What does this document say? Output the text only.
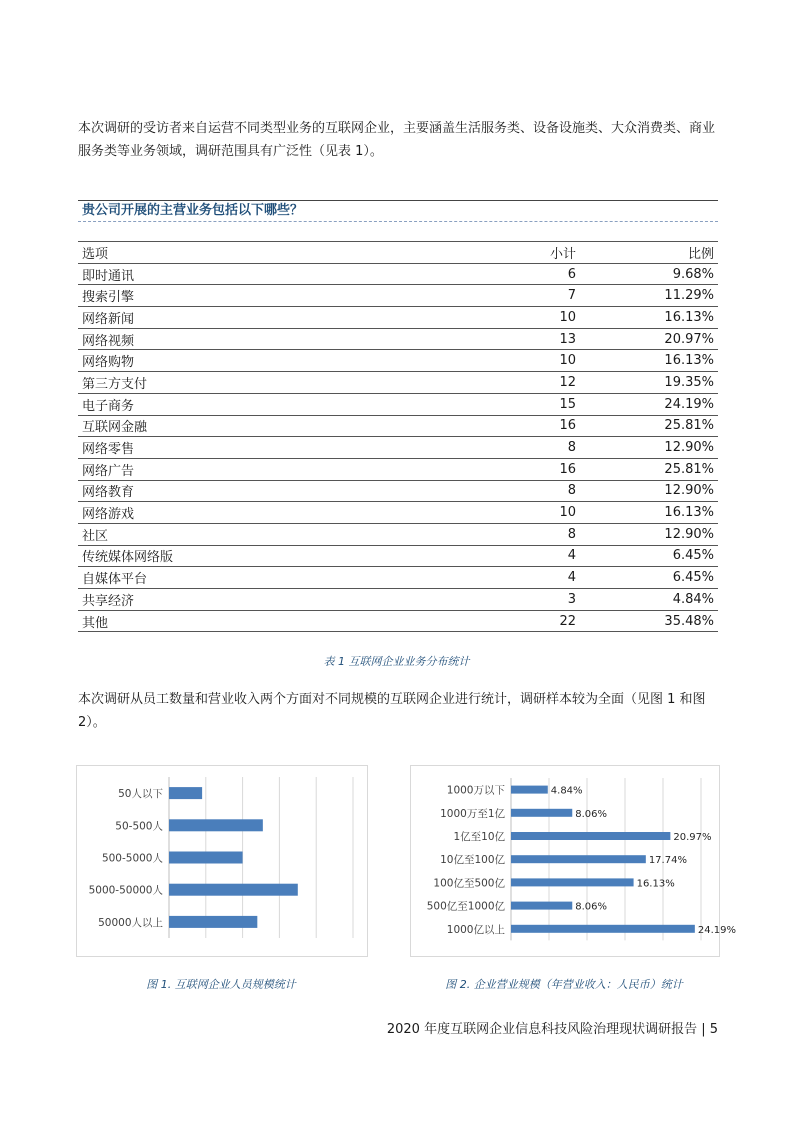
本次调研的受访者来自运营不同类型业务的互联网企业，主要涵盖生活服务类、设备设施类、大众消费类、商业服务类等业务领域，调研范围具有广泛性（见表 1）。
贵公司开展的主营业务包括以下哪些？
选项	小计	比例
即时通讯	6	9.68%
搜索引擎	7	11.29%
网络新闻	10	16.13%
网络视频	13	20.97%
网络购物	10	16.13%
第三方支付	12	19.35%
电子商务	15	24.19%
互联网金融	16	25.81%
网络零售	8	12.90%
网络广告	16	25.81%
网络教育	8	12.90%
网络游戏	10	16.13%
社区	8	12.90%
传统媒体网络版	4	6.45%
自媒体平台	4	6.45%
共享经济	3	4.84%
其他	22	35.48%
表 1 互联网企业业务分布统计
本次调研从员工数量和营业收入两个方面对不同规模的互联网企业进行统计，调研样本较为全面（见图 1 和图 2）。
50人以下
50-500人
500-5000人
5000-50000人
50000人以上
1000万以下	4.84%
1000万至1亿	8.06%
1亿至10亿	20.97%
10亿至100亿	17.74%
100亿至500亿	16.13%
500亿至1000亿	8.06%
1000亿以上	24.19%
图 1. 互联网企业人员规模统计	图 2. 企业营业规模（年营业收入：人民币）统计
2020 年度互联网企业信息科技风险治理现状调研报告 | 5
